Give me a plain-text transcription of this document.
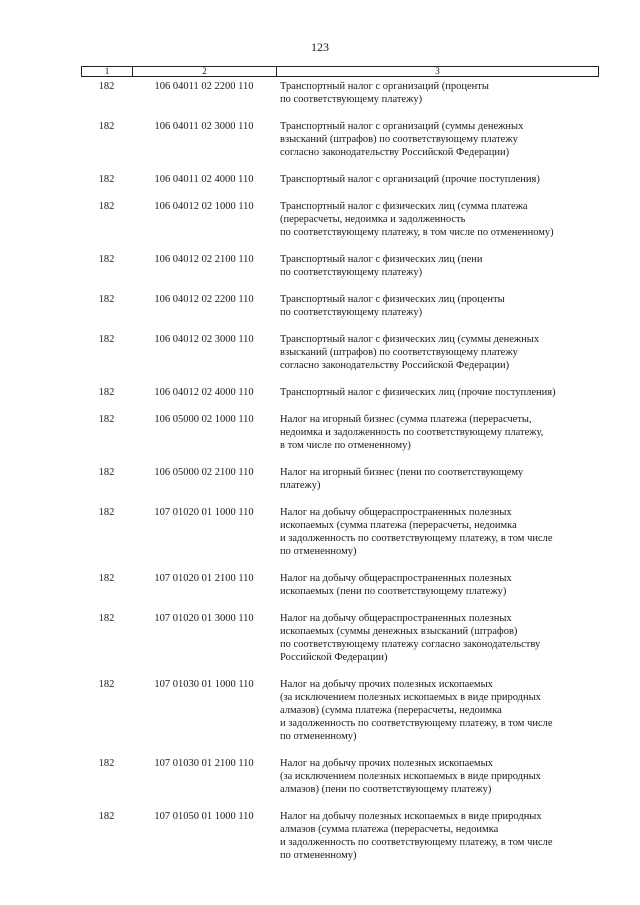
123
1	2	3
182	106 04011 02 2200 110	Транспортный налог с организаций (проценты
по соответствующему платежу)
182	106 04011 02 3000 110	Транспортный налог с организаций (суммы денежных
взысканий (штрафов) по соответствующему платежу
согласно законодательству Российской Федерации)
182	106 04011 02 4000 110	Транспортный налог с организаций (прочие поступления)
182	106 04012 02 1000 110	Транспортный налог с физических лиц (сумма платежа
(перерасчеты, недоимка и задолженность
по соответствующему платежу, в том числе по отмененному)
182	106 04012 02 2100 110	Транспортный налог с физических лиц (пени
по соответствующему платежу)
182	106 04012 02 2200 110	Транспортный налог с физических лиц (проценты
по соответствующему платежу)
182	106 04012 02 3000 110	Транспортный налог с физических лиц (суммы денежных
взысканий (штрафов) по соответствующему платежу
согласно законодательству Российской Федерации)
182	106 04012 02 4000 110	Транспортный налог с физических лиц (прочие поступления)
182	106 05000 02 1000 110	Налог на игорный бизнес (сумма платежа (перерасчеты,
недоимка и задолженность по соответствующему платежу,
в том числе по отмененному)
182	106 05000 02 2100 110	Налог на игорный бизнес (пени по соответствующему
платежу)
182	107 01020 01 1000 110	Налог на добычу общераспространенных полезных
ископаемых (сумма платежа (перерасчеты, недоимка
и задолженность по соответствующему платежу, в том числе
по отмененному)
182	107 01020 01 2100 110	Налог на добычу общераспространенных полезных
ископаемых (пени по соответствующему платежу)
182	107 01020 01 3000 110	Налог на добычу общераспространенных полезных
ископаемых (суммы денежных взысканий (штрафов)
по соответствующему платежу согласно законодательству
Российской Федерации)
182	107 01030 01 1000 110	Налог на добычу прочих полезных ископаемых
(за исключением полезных ископаемых в виде природных
алмазов) (сумма платежа (перерасчеты, недоимка
и задолженность по соответствующему платежу, в том числе
по отмененному)
182	107 01030 01 2100 110	Налог на добычу прочих полезных ископаемых
(за исключением полезных ископаемых в виде природных
алмазов) (пени по соответствующему платежу)
182	107 01050 01 1000 110	Налог на добычу полезных ископаемых в виде природных
алмазов (сумма платежа (перерасчеты, недоимка
и задолженность по соответствующему платежу, в том числе
по отмененному)
